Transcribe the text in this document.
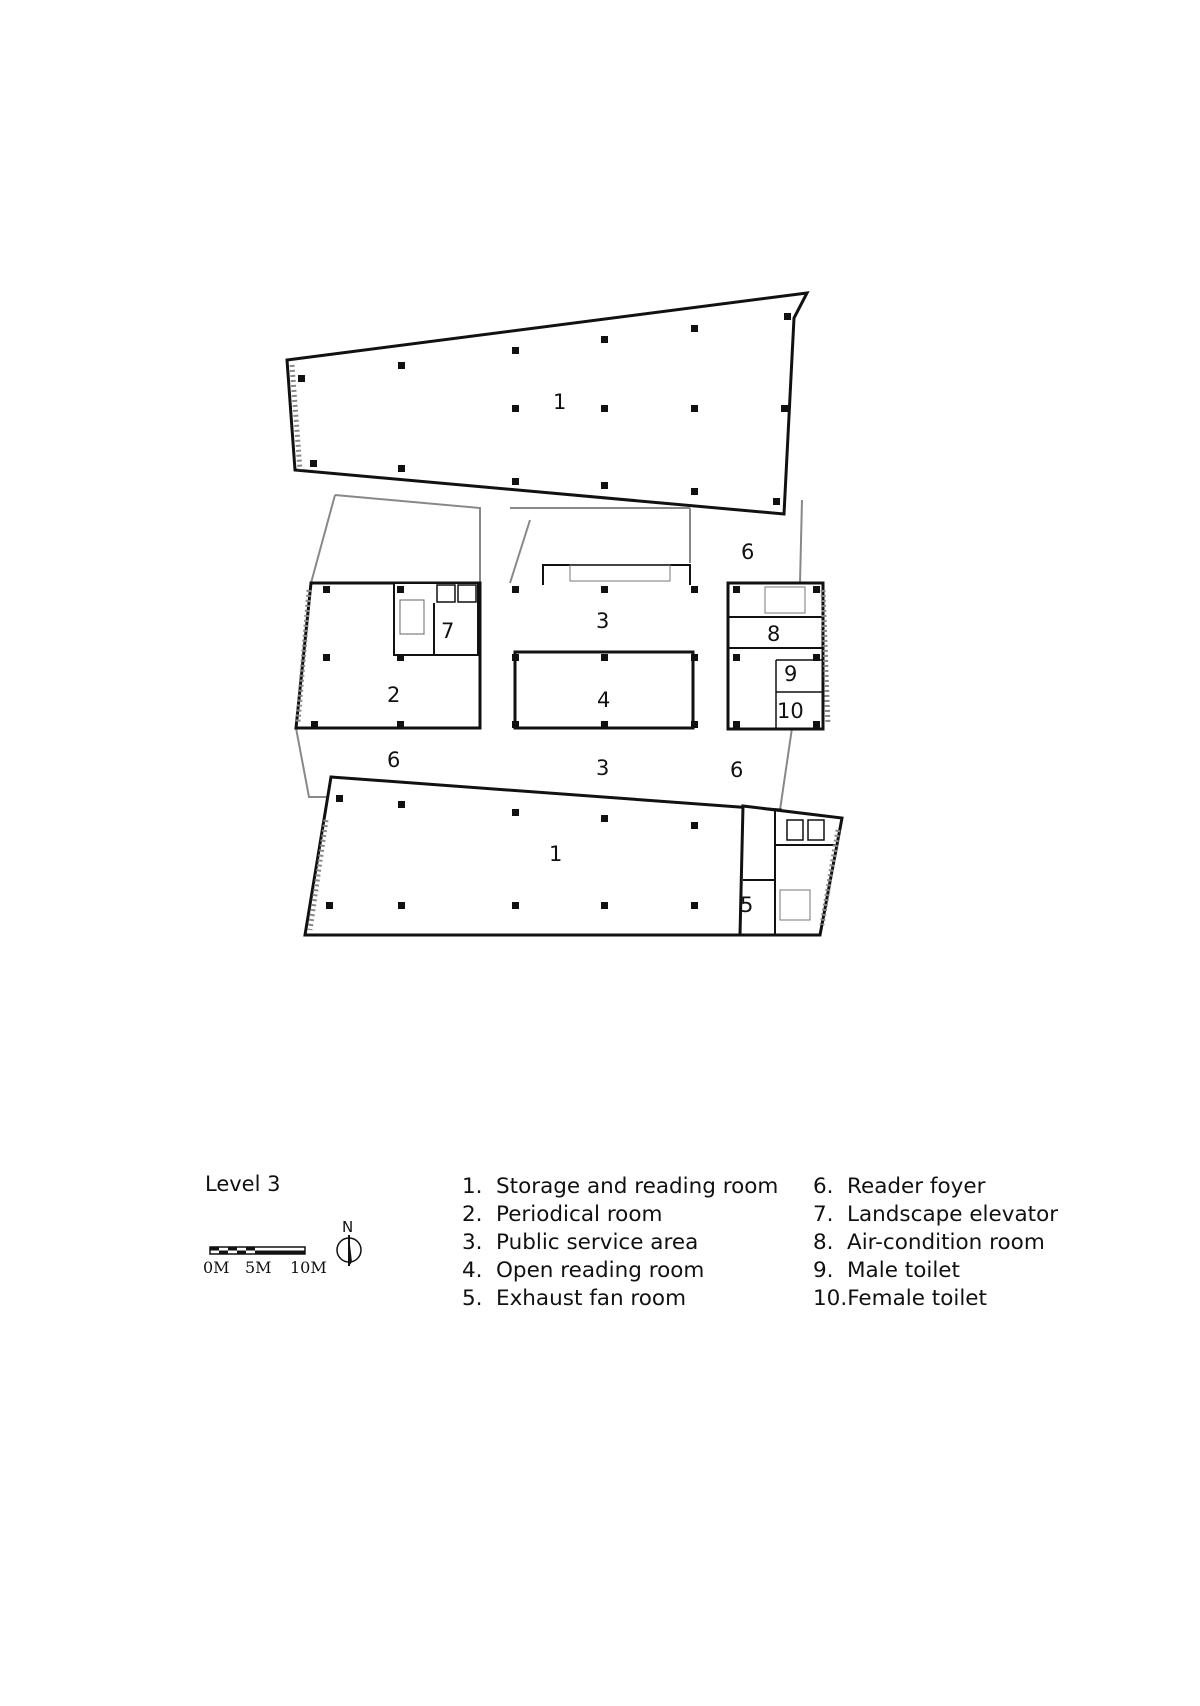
1
1
2
3
3
4
5
6
6	6
7	8
9
10
0M 5M 10M
N
Level 3	1. Storage and reading room
2. Periodical room
3. Public service area
4. Open reading room
5. Exhaust fan room
6. Reader foyer
7. Landscape elevator
8. Air-condition room
9. Male toilet
10.Female toilet
